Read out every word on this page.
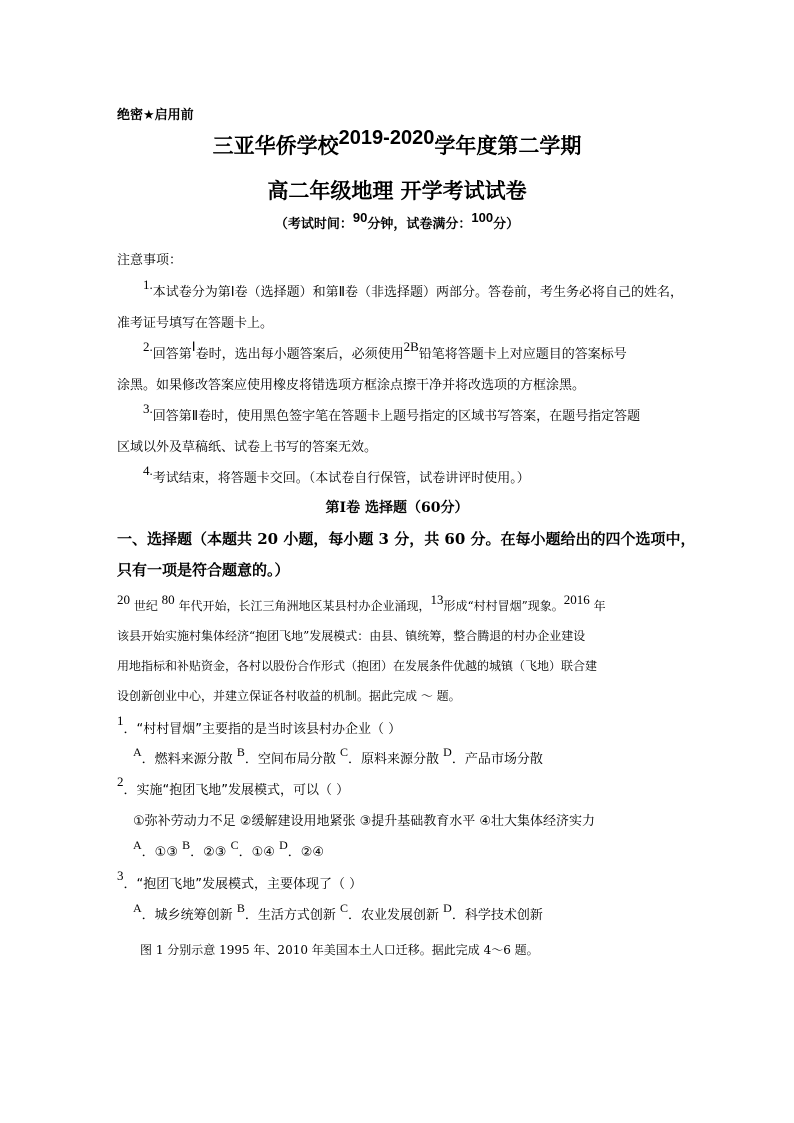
绝密★启用前
三亚华侨学校2019-2020学年度第二学期
高二年级地理 开学考试试卷
（考试时间：90分钟，试卷满分：100分）
注意事项：
1.本试卷分为第Ⅰ卷（选择题）和第Ⅱ卷（非选择题）两部分。答卷前，考生务必将自己的姓名，
准考证号填写在答题卡上。
2.回答第Ⅰ卷时，选出每小题答案后，必须使用2B铅笔将答题卡上对应题目的答案标号
涂黑。如果修改答案应使用橡皮将错选项方框涂点擦干净并将改选项的方框涂黑。
3.回答第Ⅱ卷时，使用黑色签字笔在答题卡上题号指定的区域书写答案，在题号指定答题
区域以外及草稿纸、试卷上书写的答案无效。
4.考试结束，将答题卡交回。（本试卷自行保管，试卷讲评时使用。）
第Ⅰ卷 选择题（60分）
一、选择题（本题共 20 小题，每小题 3 分，共 60 分。在每小题给出的四个选项中，
只有一项是符合题意的。）
20 世纪 80 年代开始，长江三角洲地区某县村办企业涌现，13形成“村村冒烟”现象。2016 年
该县开始实施村集体经济“抱团飞地”发展模式：由县、镇统筹，整合腾退的村办企业建设
用地指标和补贴资金，各村以股份合作形式（抱团）在发展条件优越的城镇（飞地）联合建
设创新创业中心，并建立保证各村收益的机制。据此完成 ～ 题。
1．“村村冒烟”主要指的是当时该县村办企业（ ）
A．燃料来源分散 B．空间布局分散 C．原料来源分散 D．产品市场分散
2．实施“抱团飞地”发展模式，可以（ ）
①弥补劳动力不足 ②缓解建设用地紧张 ③提升基础教育水平 ④壮大集体经济实力
A．①③ B．②③ C．①④ D．②④
3．“抱团飞地”发展模式，主要体现了（ ）
A．城乡统筹创新 B．生活方式创新 C．农业发展创新 D．科学技术创新
图 1 分别示意 1995 年、2010 年美国本土人口迁移。据此完成 4～6 题。
